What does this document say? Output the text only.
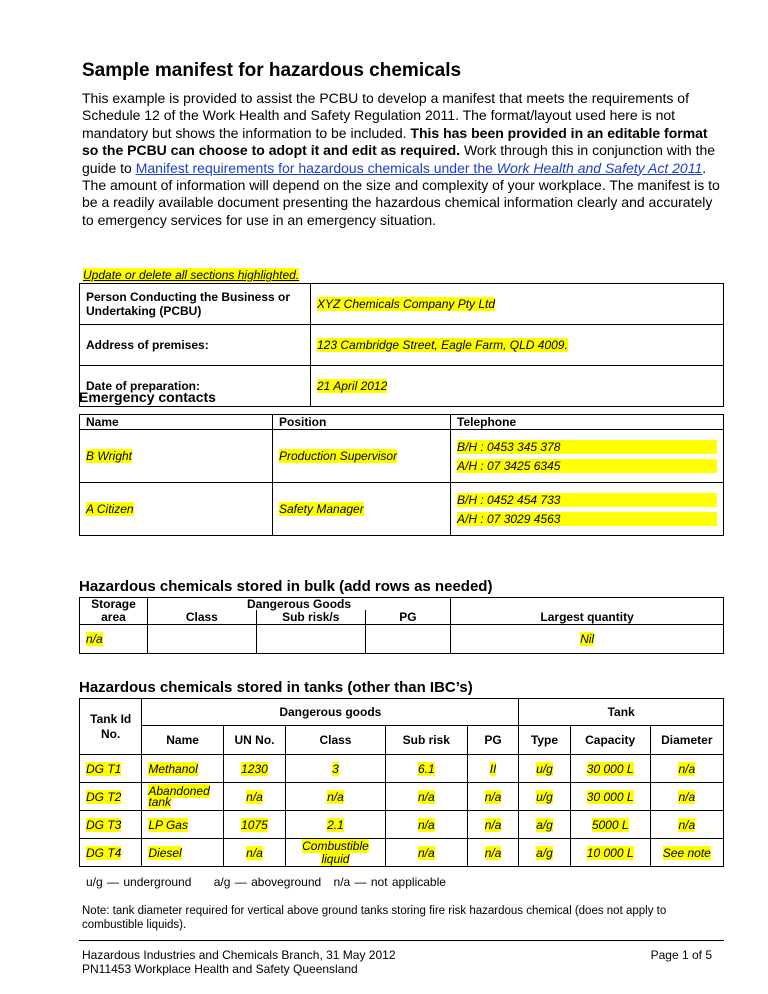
Sample manifest for hazardous chemicals

This example is provided to assist the PCBU to develop a manifest that meets the requirements of Schedule 12 of the Work Health and Safety Regulation 2011. The format/layout used here is not mandatory but shows the information to be included. This has been provided in an editable format so the PCBU can choose to adopt it and edit as required. Work through this in conjunction with the guide to Manifest requirements for hazardous chemicals under the Work Health and Safety Act 2011.

The amount of information will depend on the size and complexity of your workplace. The manifest is to be a readily available document presenting the hazardous chemical information clearly and accurately to emergency services for use in an emergency situation.

Update or delete all sections highlighted.
Person Conducting the Business or Undertaking (PCBU)	XYZ Chemicals Company Pty Ltd
Address of premises:	123 Cambridge Street, Eagle Farm, QLD 4009.
Date of preparation:	21 April 2012
Emergency contacts
Name	Position	Telephone
B Wright	Production Supervisor	B/H : 0453 345 378
A/H : 07 3425 6345

A Citizen	Safety Manager	B/H : 0452 454 733
A/H : 07 3029 4563
Hazardous chemicals stored in bulk (add rows as needed)
Storage area	Dangerous Goods			Largest quantity
	Class	Sub risk/s	PG	
n/a				Nil
Hazardous chemicals stored in tanks (other than IBC’s)
Tank Id No.	Dangerous goods					Tank		
	Name	UN No.	Class	Sub risk	PG	Type	Capacity	Diameter
DG T1	Methanol	1230	3	6.1	II	u/g	30 000 L	n/a
DG T2	Abandoned tank	n/a	n/a	n/a	n/a	u/g	30 000 L	n/a
DG T3	LP Gas	1075	2.1	n/a	n/a	a/g	5000 L	n/a
DG T4	Diesel	n/a	Combustible liquid	n/a	n/a	a/g	10 000 L	See note
u/g — underground a/g — aboveground n/a — not applicable

Note: tank diameter required for vertical above ground tanks storing fire risk hazardous chemical (does not apply to combustible liquids).

Hazardous Industries and Chemicals Branch, 31 May 2012
PN11453 Workplace Health and Safety Queensland
Page 1 of 5
